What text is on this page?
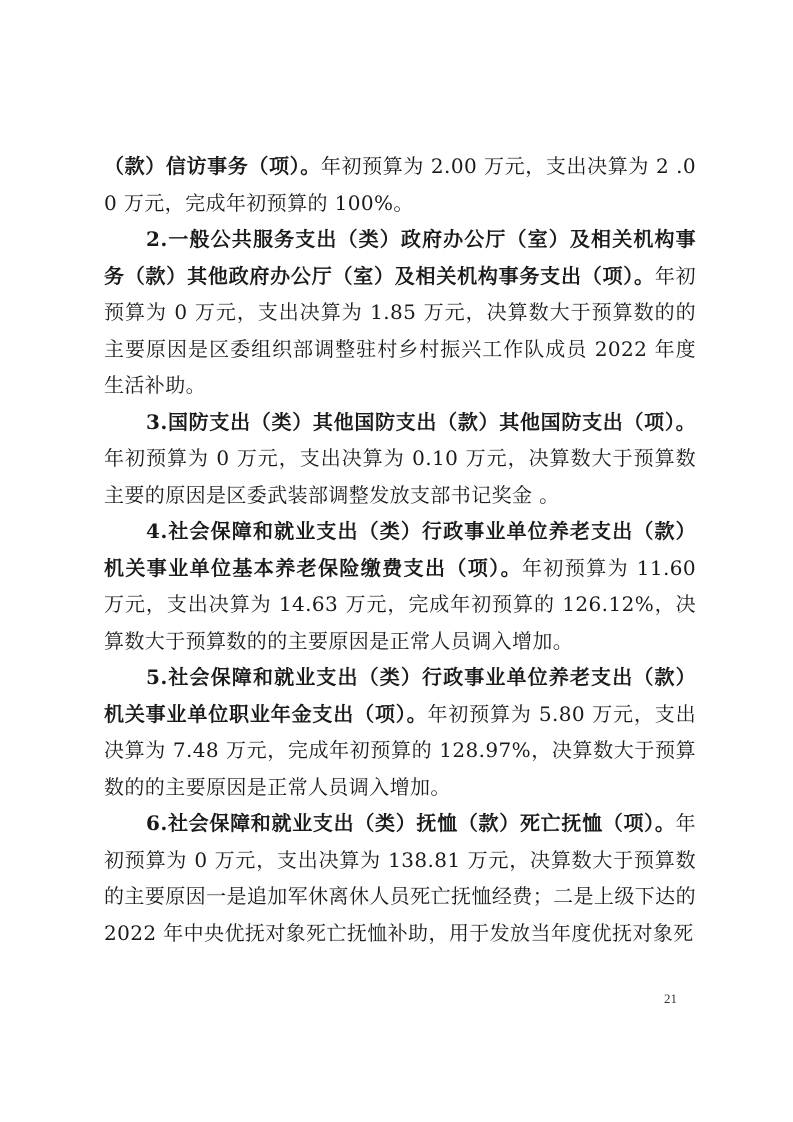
（款）信访事务（项）。年初预算为 2.00 万元，支出决算为 2 .00 万元，完成年初预算的 100%。

2.一般公共服务支出（类）政府办公厅（室）及相关机构事务（款）其他政府办公厅（室）及相关机构事务支出（项）。年初预算为 0 万元，支出决算为 1.85 万元，决算数大于预算数的的主要原因是区委组织部调整驻村乡村振兴工作队成员 2022 年度生活补助。

3.国防支出（类）其他国防支出（款）其他国防支出（项）。年初预算为 0 万元，支出决算为 0.10 万元，决算数大于预算数主要的原因是区委武装部调整发放支部书记奖金 。

4.社会保障和就业支出（类）行政事业单位养老支出（款）机关事业单位基本养老保险缴费支出（项）。年初预算为 11.60 万元，支出决算为 14.63 万元，完成年初预算的 126.12%，决算数大于预算数的的主要原因是正常人员调入增加。

5.社会保障和就业支出（类）行政事业单位养老支出（款）机关事业单位职业年金支出（项）。年初预算为 5.80 万元，支出决算为 7.48 万元，完成年初预算的 128.97%，决算数大于预算数的的主要原因是正常人员调入增加。

6.社会保障和就业支出（类）抚恤（款）死亡抚恤（项）。年初预算为 0 万元，支出决算为 138.81 万元，决算数大于预算数的主要原因一是追加军休离休人员死亡抚恤经费；二是上级下达的 2022 年中央优抚对象死亡抚恤补助，用于发放当年度优抚对象死

21
